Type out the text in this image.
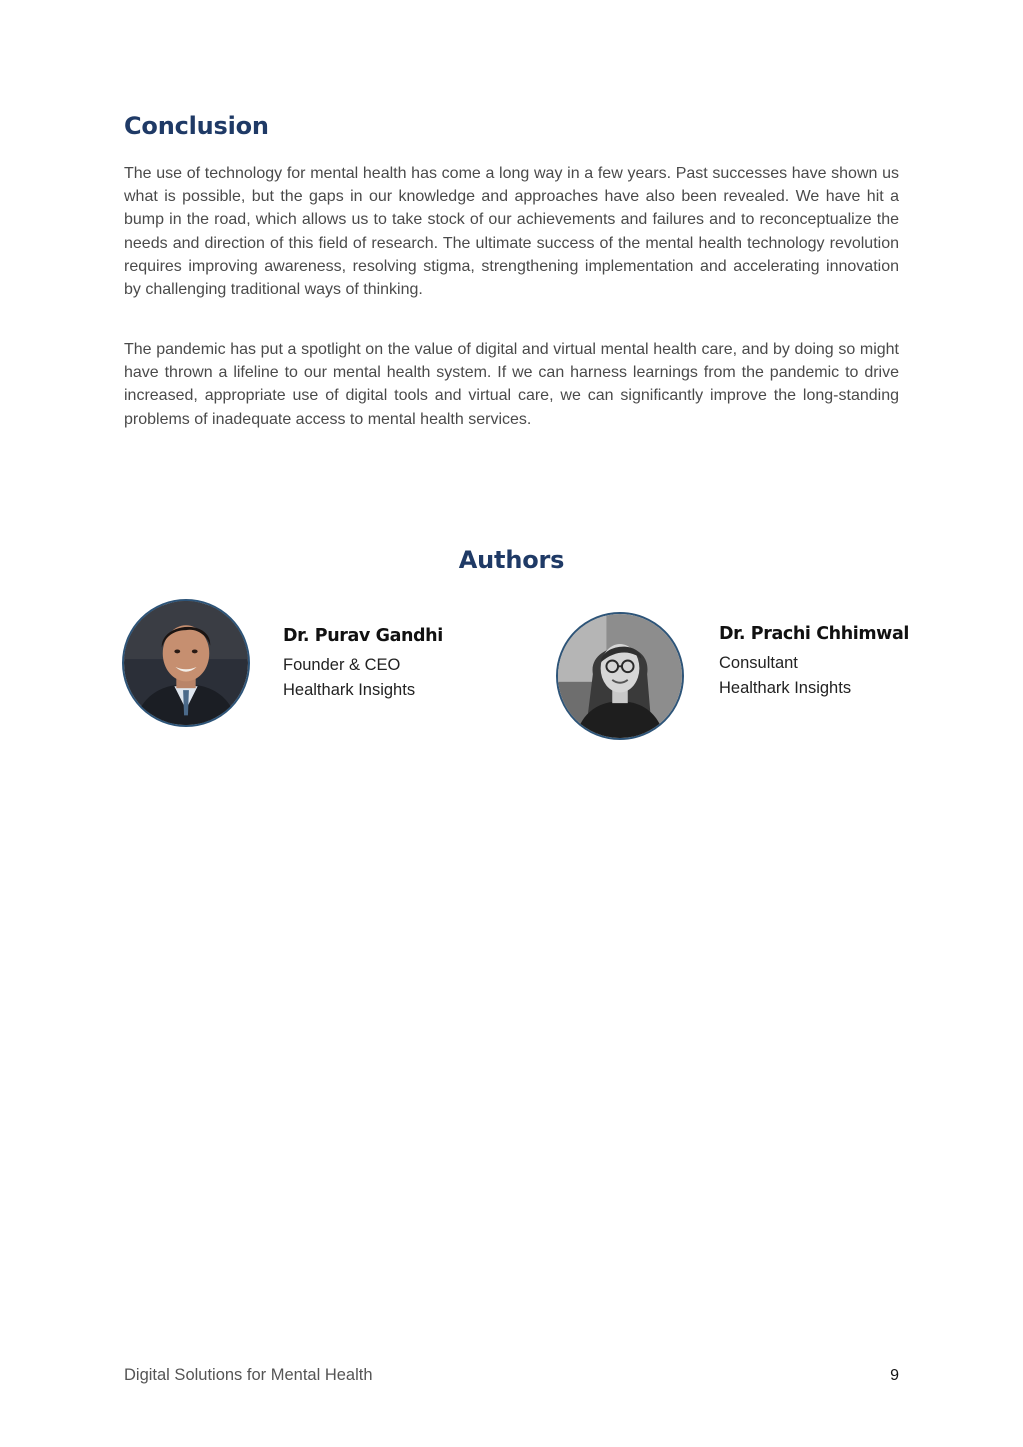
Conclusion

The use of technology for mental health has come a long way in a few years. Past successes have shown us what is possible, but the gaps in our knowledge and approaches have also been revealed. We have hit a bump in the road, which allows us to take stock of our achievements and failures and to reconceptualize the needs and direction of this field of research. The ultimate success of the mental health technology revolution requires improving awareness, resolving stigma, strengthening implementation and accelerating innovation by challenging traditional ways of thinking.

The pandemic has put a spotlight on the value of digital and virtual mental health care, and by doing so might have thrown a lifeline to our mental health system. If we can harness learnings from the pandemic to drive increased, appropriate use of digital tools and virtual care, we can significantly improve the long-standing problems of inadequate access to mental health services.

Authors

Dr. Purav Gandhi

Founder & CEO

Healthark Insights

Dr. Prachi Chhimwal

Consultant

Healthark Insights

Digital Solutions for Mental Health	9
